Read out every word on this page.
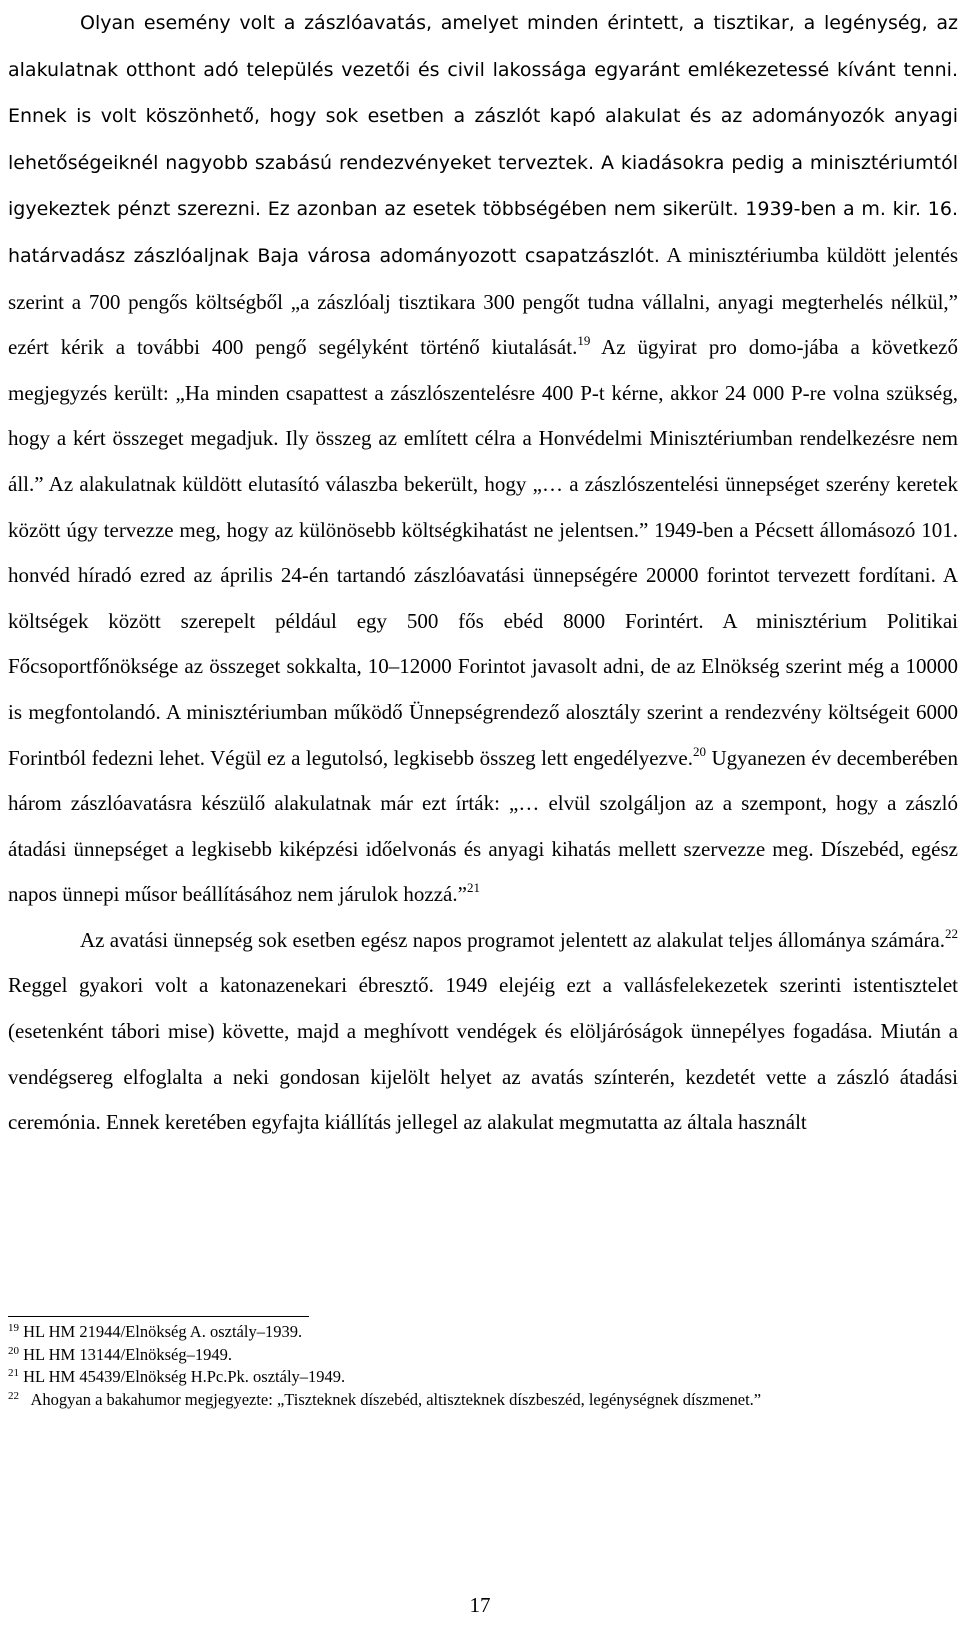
Olyan esemény volt a zászlóavatás, amelyet minden érintett, a tisztikar, a legénység, az alakulatnak otthont adó település vezetői és civil lakossága egyaránt emlékezetessé kívánt tenni. Ennek is volt köszönhető, hogy sok esetben a zászlót kapó alakulat és az adományozók anyagi lehetőségeiknél nagyobb szabású rendezvényeket terveztek. A kiadásokra pedig a minisztériumtól igyekeztek pénzt szerezni. Ez azonban az esetek többségében nem sikerült. 1939-ben a m. kir. 16. határvadász zászlóaljnak Baja városa adományozott csapatzászlót. A minisztériumba küldött jelentés szerint a 700 pengős költségből „a zászlóalj tisztikara 300 pengőt tudna vállalni, anyagi megterhelés nélkül,” ezért kérik a további 400 pengő segélyként történő kiutalását.$^{19}$ Az ügyirat pro domo-jába a következő megjegyzés került: „Ha minden csapattest a zászlószentelésre 400 P-t kérne, akkor 24 000 P-re volna szükség, hogy a kért összeget megadjuk. Ily összeg az említett célra a Honvédelmi Minisztériumban rendelkezésre nem áll.” Az alakulatnak küldött elutasító válaszba bekerült, hogy „… a zászlószentelési ünnepséget szerény keretek között úgy tervezze meg, hogy az különösebb költségkihatást ne jelentsen.” 1949-ben a Pécsett állomásozó 101. honvéd híradó ezred az április 24-én tartandó zászlóavatási ünnepségére 20000 forintot tervezett fordítani. A költségek között szerepelt például egy 500 fős ebéd 8000 Forintért. A minisztérium Politikai Főcsoportfőnöksége az összeget sokkalta, 10–12000 Forintot javasolt adni, de az Elnökség szerint még a 10000 is megfontolandó. A minisztériumban működő Ünnepségrendező alosztály szerint a rendezvény költségeit 6000 Forintból fedezni lehet. Végül ez a legutolsó, legkisebb összeg lett engedélyezve.$^{20}$ Ugyanezen év decemberében három zászlóavatásra készülő alakulatnak már ezt írták: „… elvül szolgáljon az a szempont, hogy a zászló átadási ünnepséget a legkisebb kiképzési időelvonás és anyagi kihatás mellett szervezze meg. Díszebéd, egész napos ünnepi műsor beállításához nem járulok hozzá.”$^{21}$

Az avatási ünnepség sok esetben egész napos programot jelentett az alakulat teljes állománya számára.$^{22}$ Reggel gyakori volt a katonazenekari ébresztő. 1949 elejéig ezt a vallásfelekezetek szerinti istentisztelet (esetenként tábori mise) követte, majd a meghívott vendégek és elöljáróságok ünnepélyes fogadása. Miután a vendégsereg elfoglalta a neki gondosan kijelölt helyet az avatás színterén, kezdetét vette a zászló átadási ceremónia. Ennek keretében egyfajta kiállítás jellegel az alakulat megmutatta az általa használt

$^{19}$ HL HM 21944/Elnökség A. osztály–1939.

$^{20}$ HL HM 13144/Elnökség–1949.

$^{21}$ HL HM 45439/Elnökség H.Pc.Pk. osztály–1949.

$^{22}$ Ahogyan a bakahumor megjegyezte: „Tiszteknek díszebéd, altiszteknek díszbeszéd, legénységnek díszmenet.”

17
